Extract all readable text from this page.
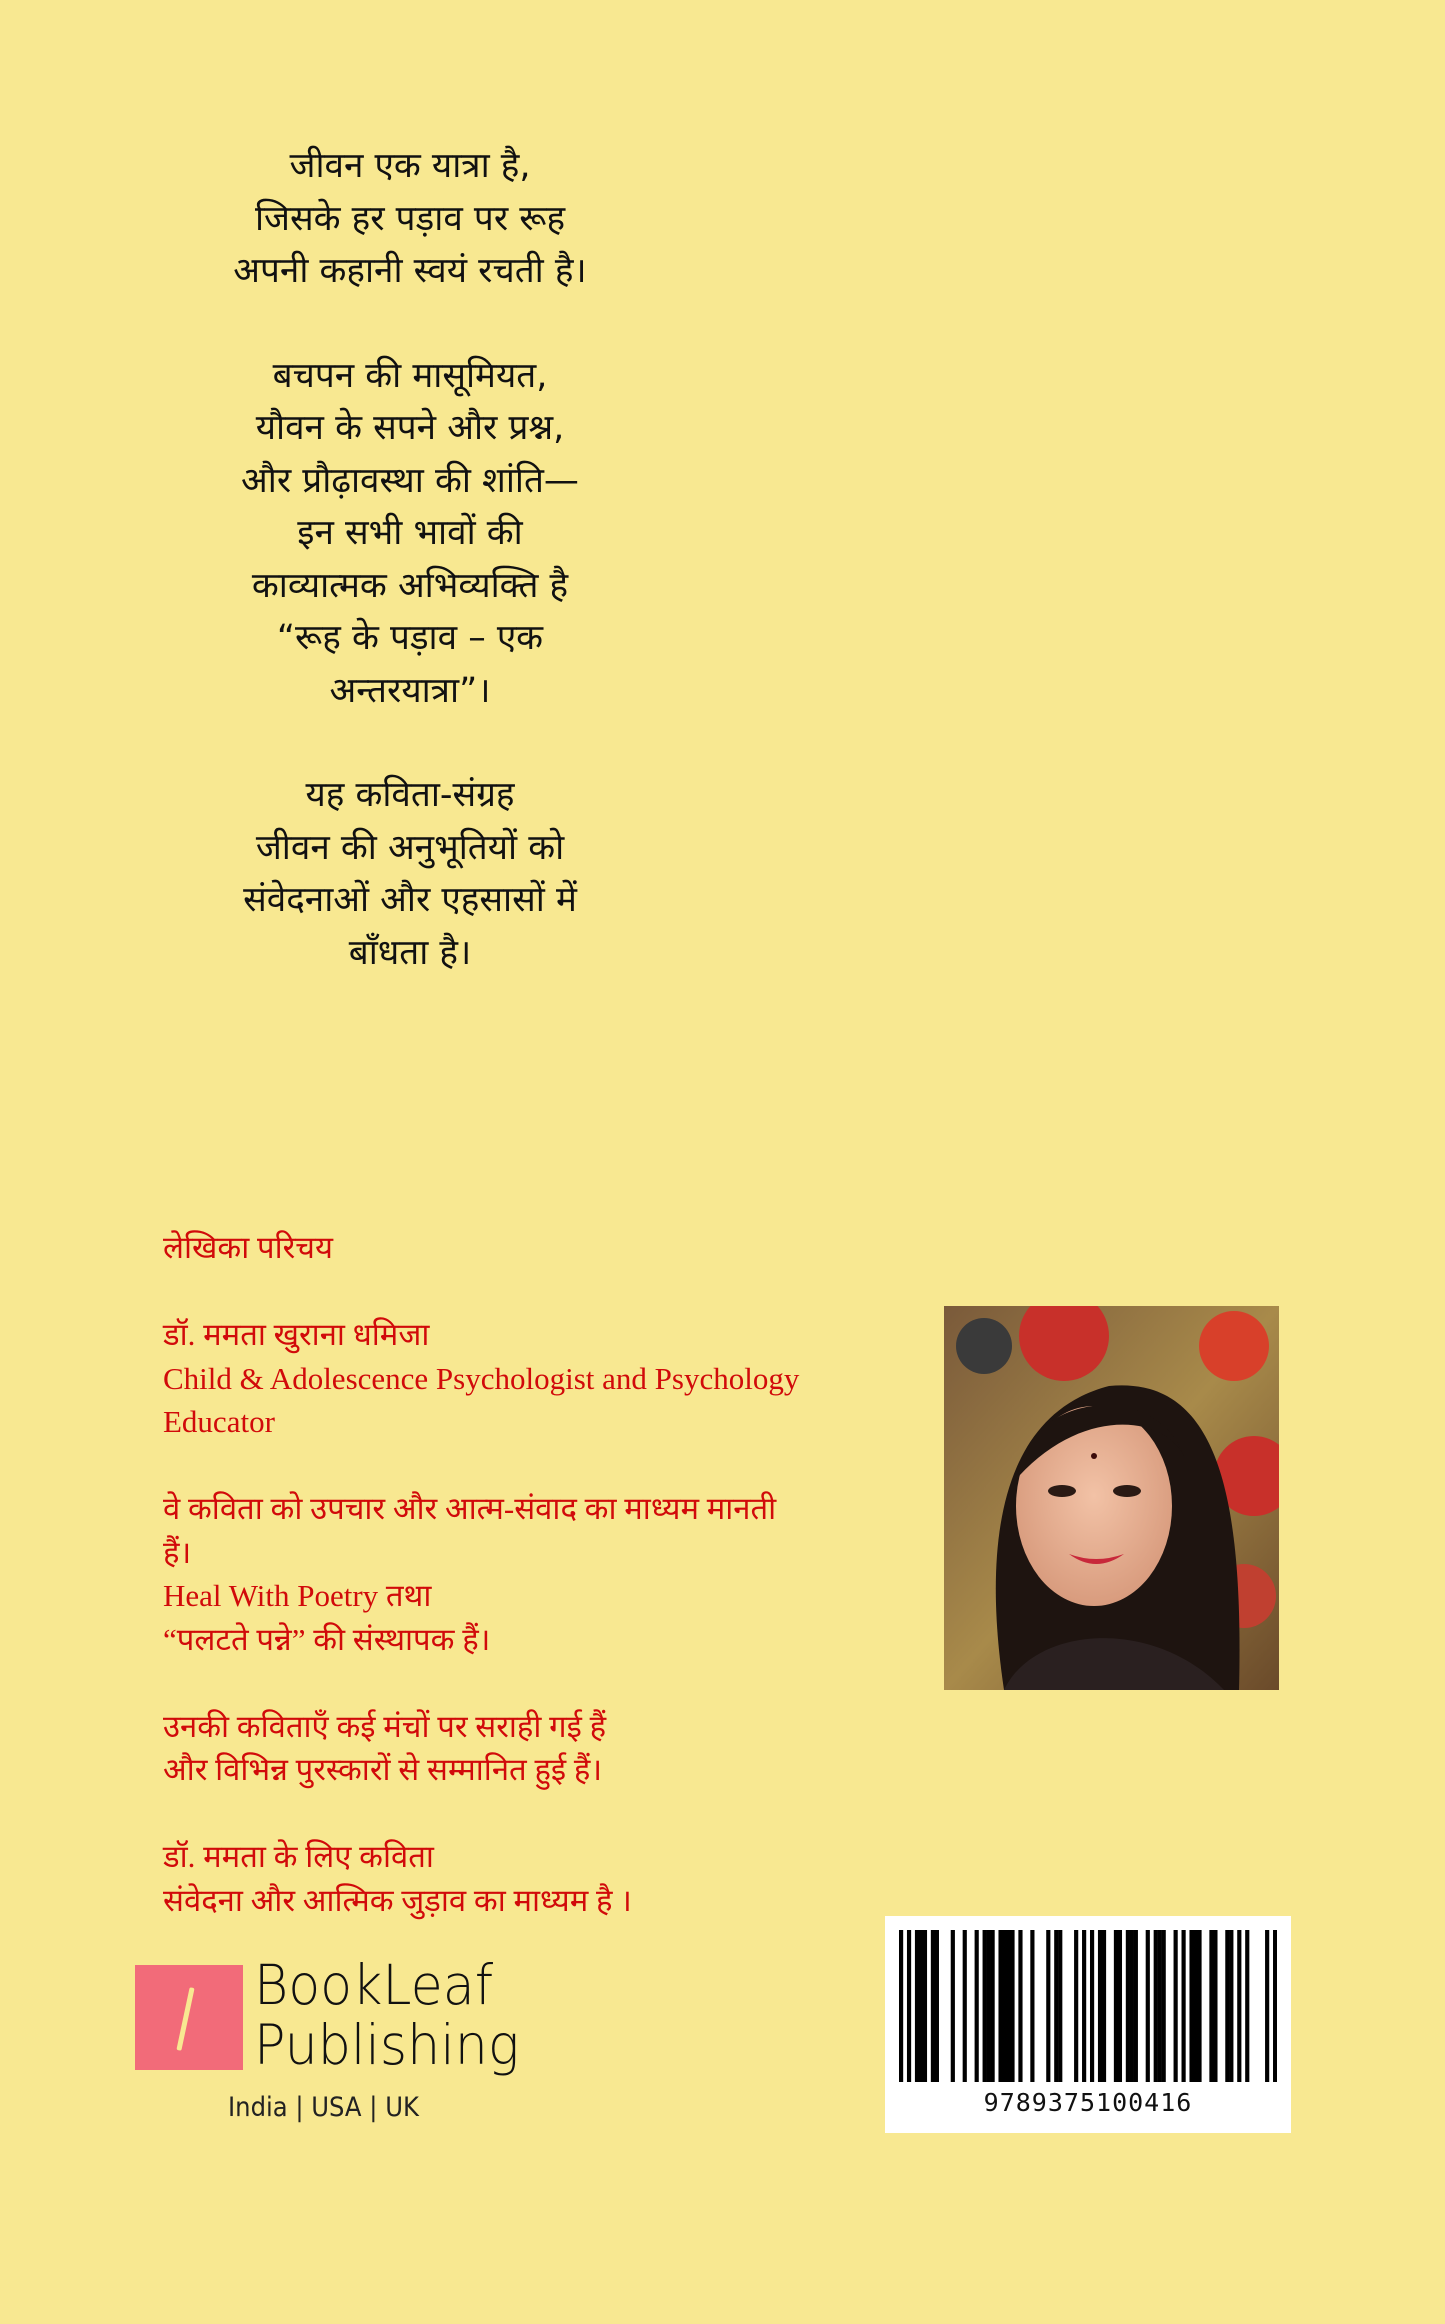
जीवन एक यात्रा है,
जिसके हर पड़ाव पर रूह
अपनी कहानी स्वयं रचती है।
बचपन की मासूमियत,
यौवन के सपने और प्रश्न,
और प्रौढ़ावस्था की शांति—
इन सभी भावों की
काव्यात्मक अभिव्यक्ति है
“रूह के पड़ाव – एक
अन्तरयात्रा”।
यह कविता-संग्रह
जीवन की अनुभूतियों को
संवेदनाओं और एहसासों में
बाँधता है।
लेखिका परिचय
डॉ. ममता खुराना धमिजा
Child & Adolescence Psychologist and Psychology
Educator
वे कविता को उपचार और आत्म-संवाद का माध्यम मानती
हैं।
Heal With Poetry तथा
“पलटते पन्ने” की संस्थापक हैं।
उनकी कविताएँ कई मंचों पर सराही गई हैं
और विभिन्न पुरस्कारों से सम्मानित हुई हैं।
डॉ. ममता के लिए कविता
संवेदना और आत्मिक जुड़ाव का माध्यम है ।
BookLeaf
Publishing
India | USA | UK	9789375100416
